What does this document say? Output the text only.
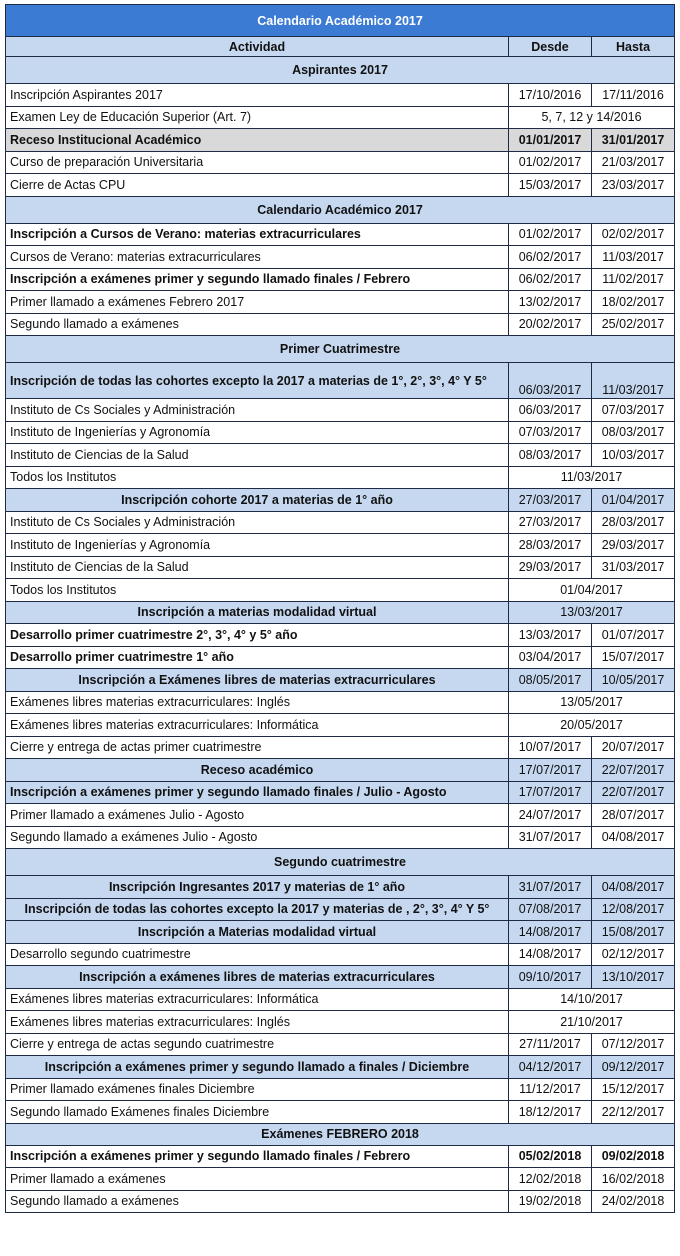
Calendario Académico 2017		
Actividad	Desde	Hasta
Aspirantes 2017		
Inscripción Aspirantes 2017	17/10/2016	17/11/2016
Examen Ley de Educación Superior (Art. 7)	5, 7, 12 y 14/2016	
Receso Institucional Académico	01/01/2017	31/01/2017
Curso de preparación Universitaria	01/02/2017	21/03/2017
Cierre de Actas CPU	15/03/2017	23/03/2017
Calendario Académico 2017		
Inscripción a Cursos de Verano: materias extracurriculares	01/02/2017	02/02/2017
Cursos de Verano: materias extracurriculares	06/02/2017	11/03/2017
Inscripción a exámenes primer y segundo llamado finales / Febrero	06/02/2017	11/02/2017
Primer llamado a exámenes Febrero 2017	13/02/2017	18/02/2017
Segundo llamado a exámenes	20/02/2017	25/02/2017
Primer Cuatrimestre		
Inscripción de todas las cohortes excepto la 2017 a materias de 1°, 2°, 3°, 4° Y 5°	06/03/2017	11/03/2017
Instituto de Cs Sociales y Administración	06/03/2017	07/03/2017
Instituto de Ingenierías y Agronomía	07/03/2017	08/03/2017
Instituto de Ciencias de la Salud	08/03/2017	10/03/2017
Todos los Institutos	11/03/2017	
Inscripción cohorte 2017 a materias de 1° año	27/03/2017	01/04/2017
Instituto de Cs Sociales y Administración	27/03/2017	28/03/2017
Instituto de Ingenierías y Agronomía	28/03/2017	29/03/2017
Instituto de Ciencias de la Salud	29/03/2017	31/03/2017
Todos los Institutos	01/04/2017	
Inscripción a materias modalidad virtual	13/03/2017	
Desarrollo primer cuatrimestre 2°, 3°, 4° y 5° año	13/03/2017	01/07/2017
Desarrollo primer cuatrimestre 1° año	03/04/2017	15/07/2017
Inscripción a Exámenes libres de materias extracurriculares	08/05/2017	10/05/2017
Exámenes libres materias extracurriculares: Inglés	13/05/2017	
Exámenes libres materias extracurriculares: Informática	20/05/2017	
Cierre y entrega de actas primer cuatrimestre	10/07/2017	20/07/2017
Receso académico	17/07/2017	22/07/2017
Inscripción a exámenes primer y segundo llamado finales / Julio - Agosto	17/07/2017	22/07/2017
Primer llamado a exámenes Julio - Agosto	24/07/2017	28/07/2017
Segundo llamado a exámenes Julio - Agosto	31/07/2017	04/08/2017
Segundo cuatrimestre		
Inscripción Ingresantes 2017 y materias de 1° año	31/07/2017	04/08/2017
Inscripción de todas las cohortes excepto la 2017 y materias de , 2°, 3°, 4° Y 5°	07/08/2017	12/08/2017
Inscripción a Materias modalidad virtual	14/08/2017	15/08/2017
Desarrollo segundo cuatrimestre	14/08/2017	02/12/2017
Inscripción a exámenes libres de materias extracurriculares	09/10/2017	13/10/2017
Exámenes libres materias extracurriculares: Informática	14/10/2017	
Exámenes libres materias extracurriculares: Inglés	21/10/2017	
Cierre y entrega de actas segundo cuatrimestre	27/11/2017	07/12/2017
Inscripción a exámenes primer y segundo llamado a finales / Diciembre	04/12/2017	09/12/2017
Primer llamado exámenes finales Diciembre	11/12/2017	15/12/2017
Segundo llamado Exámenes finales Diciembre	18/12/2017	22/12/2017
Exámenes FEBRERO 2018		
Inscripción a exámenes primer y segundo llamado finales / Febrero	05/02/2018	09/02/2018
Primer llamado a exámenes	12/02/2018	16/02/2018
Segundo llamado a exámenes	19/02/2018	24/02/2018
